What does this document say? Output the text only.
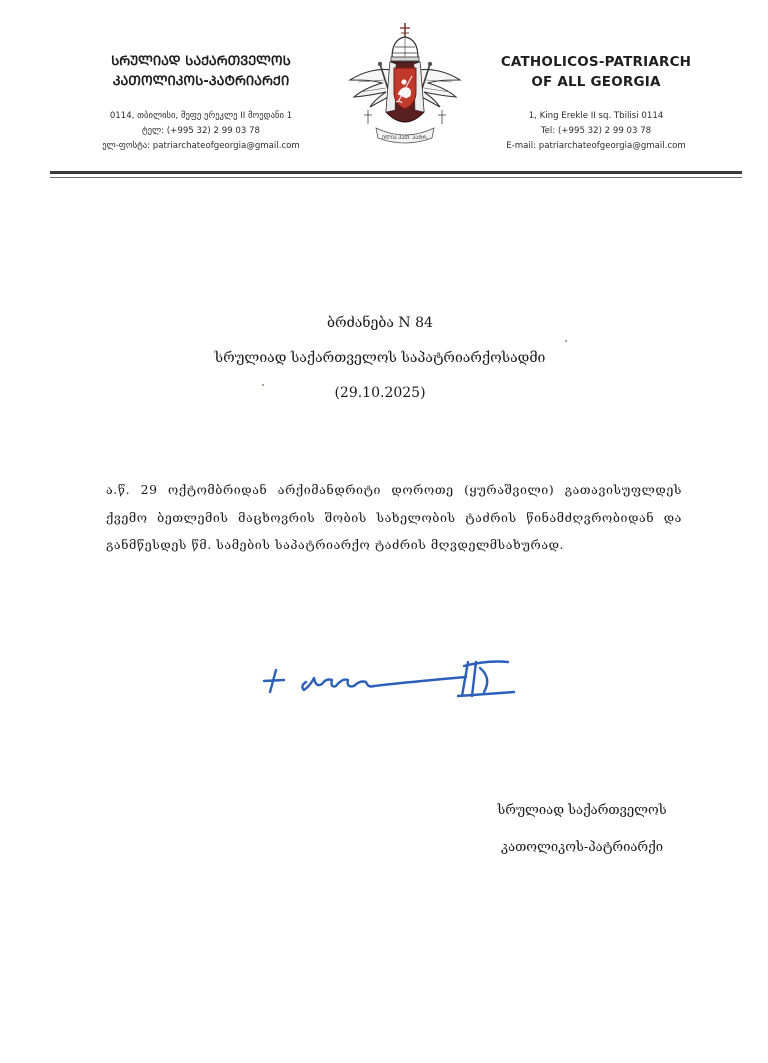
ᲡᲠᲣᲚᲘᲐᲓ ᲡᲐᲥᲐᲠᲗᲕᲔᲚᲝᲡ
ᲙᲐᲗᲝᲚᲘᲙᲝᲡ-ᲞᲐᲢᲠᲘᲐᲠᲥᲘ
0114, თბილისი, მეფე ერეკლე II მოედანი 1
ტელ: (+995 32) 2 99 03 78
ელ-ფოსტა: patriarchateofgeorgia@gmail.com
ᲘᲚᲘᲐ ᲙᲐᲗ. ᲞᲐᲢᲠ.
CATHOLICOS-PATRIARCH
OF ALL GEORGIA
1, King Erekle II sq. Tbilisi 0114
Tel: (+995 32) 2 99 03 78
E-mail: patriarchateofgeorgia@gmail.com
ბრძანება N 84
სრულიად საქართველოს საპატრიარქოსადმი
(29.10.2025)
ა.წ. 29 ოქტომბრიდან არქიმანდრიტი დოროთე (ყურაშვილი) გათავისუფლდეს ქვემო ბეთლემის მაცხოვრის შობის სახელობის ტაძრის წინამძღვრობიდან და განმწესდეს წმ. სამების საპატრიარქო ტაძრის მღვდელმსახურად.
სრულიად საქართველოს
კათოლიკოს-პატრიარქი
